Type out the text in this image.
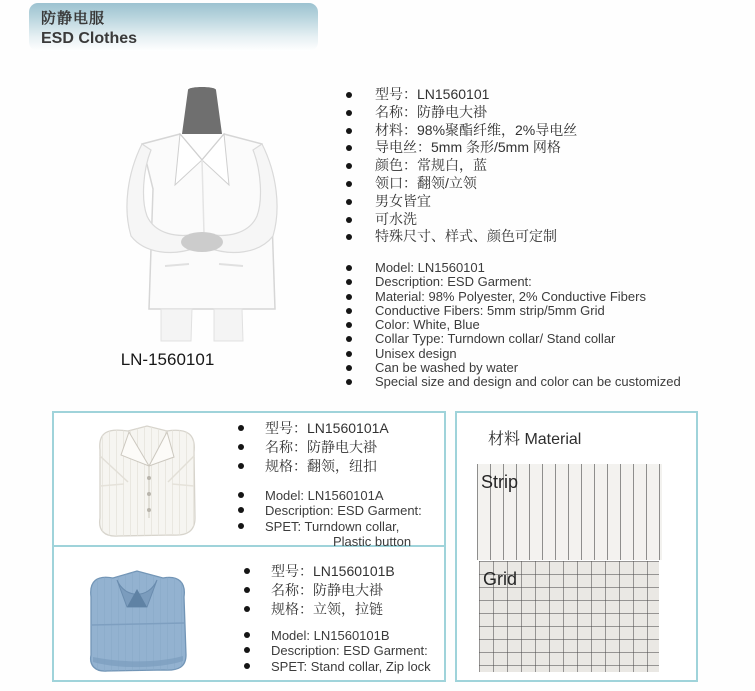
防静电服
ESD Clothes
LN-1560101
型号：LN1560101
名称：防静电大褂
材料：98%聚酯纤维，2%导电丝
导电丝：5mm 条形/5mm 网格
颜色：常规白，蓝
领口：翻领/立领
男女皆宜
可水洗
特殊尺寸、样式、颜色可定制
Model: LN1560101
Description: ESD Garment:
Material: 98% Polyester, 2% Conductive Fibers
Conductive Fibers: 5mm strip/5mm Grid
Color: White, Blue
Collar Type: Turndown collar/ Stand collar
Unisex design
Can be washed by water
Special size and design and color can be customized
型号：LN1560101A
名称：防静电大褂
规格：翻领，纽扣
Model: LN1560101A
Description: ESD Garment:
SPET: Turndown collar,
Plastic button
型号：LN1560101B
名称：防静电大褂
规格：立领，拉链
Model: LN1560101B
Description: ESD Garment:
SPET: Stand collar, Zip lock
材料 Material
Strip
Grid
